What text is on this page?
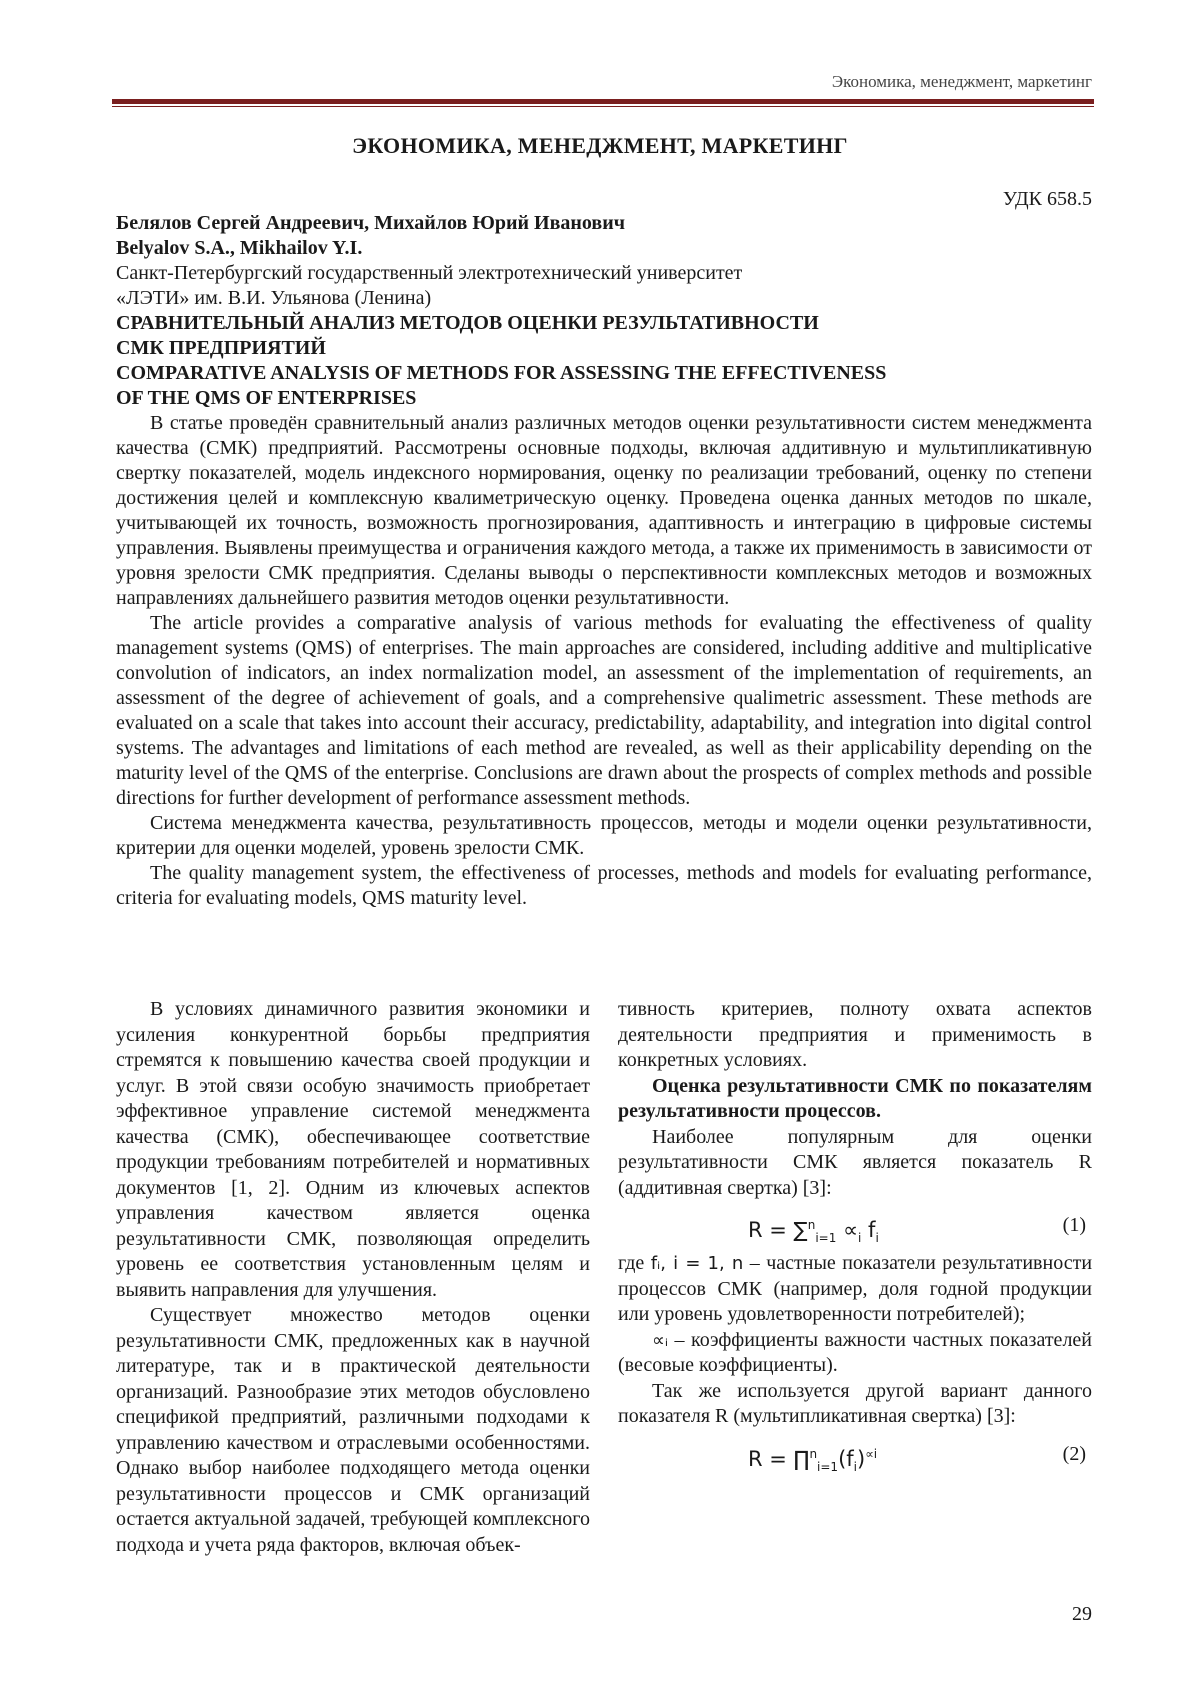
Экономика, менеджмент, маркетинг
ЭКОНОМИКА, МЕНЕДЖМЕНТ, МАРКЕТИНГ
УДК 658.5
Белялов Сергей Андреевич, Михайлов Юрий Иванович
Belyalov S.A., Mikhailov Y.I.
Санкт-Петербургский государственный электротехнический университет
«ЛЭТИ» им. В.И. Ульянова (Ленина)
СРАВНИТЕЛЬНЫЙ АНАЛИЗ МЕТОДОВ ОЦЕНКИ РЕЗУЛЬТАТИВНОСТИ
СМК ПРЕДПРИЯТИЙ
COMPARATIVE ANALYSIS OF METHODS FOR ASSESSING THE EFFECTIVENESS
OF THE QMS OF ENTERPRISES

В статье проведён сравнительный анализ различных методов оценки результативности систем менеджмента качества (СМК) предприятий. Рассмотрены основные подходы, включая аддитивную и мультипликативную свертку показателей, модель индексного нормирования, оценку по реализации требований, оценку по степени достижения целей и комплексную квалиметрическую оценку. Проведена оценка данных методов по шкале, учитывающей их точность, возможность прогнозирования, адаптивность и интеграцию в цифровые системы управления. Выявлены преимущества и ограничения каждого метода, а также их применимость в зависимости от уровня зрелости СМК предприятия. Сделаны выводы о перспективности комплексных методов и возможных направлениях дальнейшего развития методов оценки результативности.

The article provides a comparative analysis of various methods for evaluating the effectiveness of quality management systems (QMS) of enterprises. The main approaches are considered, including additive and multiplicative convolution of indicators, an index normalization model, an assessment of the implementation of requirements, an assessment of the degree of achievement of goals, and a comprehensive qualimetric assessment. These methods are evaluated on a scale that takes into account their accuracy, predictability, adaptability, and integration into digital control systems. The advantages and limitations of each method are revealed, as well as their applicability depending on the maturity level of the QMS of the enterprise. Conclusions are drawn about the prospects of complex methods and possible directions for further development of performance assessment methods.

Система менеджмента качества, результативность процессов, методы и модели оценки результативности, критерии для оценки моделей, уровень зрелости СМК.

The quality management system, the effectiveness of processes, methods and models for evaluating performance, criteria for evaluating models, QMS maturity level.

В условиях динамичного развития экономики и усиления конкурентной борьбы предприятия стремятся к повышению качества своей продукции и услуг. В этой связи особую значимость приобретает эффективное управление системой менеджмента качества (СМК), обеспечивающее соответствие продукции требованиям потребителей и нормативных документов [1, 2]. Одним из ключевых аспектов управления качеством является оценка результативности СМК, позволяющая определить уровень ее соответствия установленным целям и выявить направления для улучшения.

Существует множество методов оценки результативности СМК, предложенных как в научной литературе, так и в практической деятельности организаций. Разнообразие этих методов обусловлено спецификой предприятий, различными подходами к управлению качеством и отраслевыми особенностями. Однако выбор наиболее подходящего метода оценки результативности процессов и СМК организаций остается актуальной задачей, требующей комплексного подхода и учета ряда факторов, включая объек-

тивность критериев, полноту охвата аспектов деятельности предприятия и применимость в конкретных условиях.

Оценка результативности СМК по показателям результативности процессов.

Наиболее популярным для оценки результативности СМК является показатель R (аддитивная свертка) [3]:

$R = \sum^n_{i=1} \propto_i$ $f_i$
(1)

где fᵢ, i = 1, n – частные показатели результативности процессов СМК (например, доля годной продукции или уровень удовлетворенности потребителей);

∝ᵢ – коэффициенты важности частных показателей (весовые коэффициенты).

Так же используется другой вариант данного показателя R (мультипликативная свертка) [3]:

$R = \prod^n_{i=1}(f_i)^{\propto i}$	(2)
29
